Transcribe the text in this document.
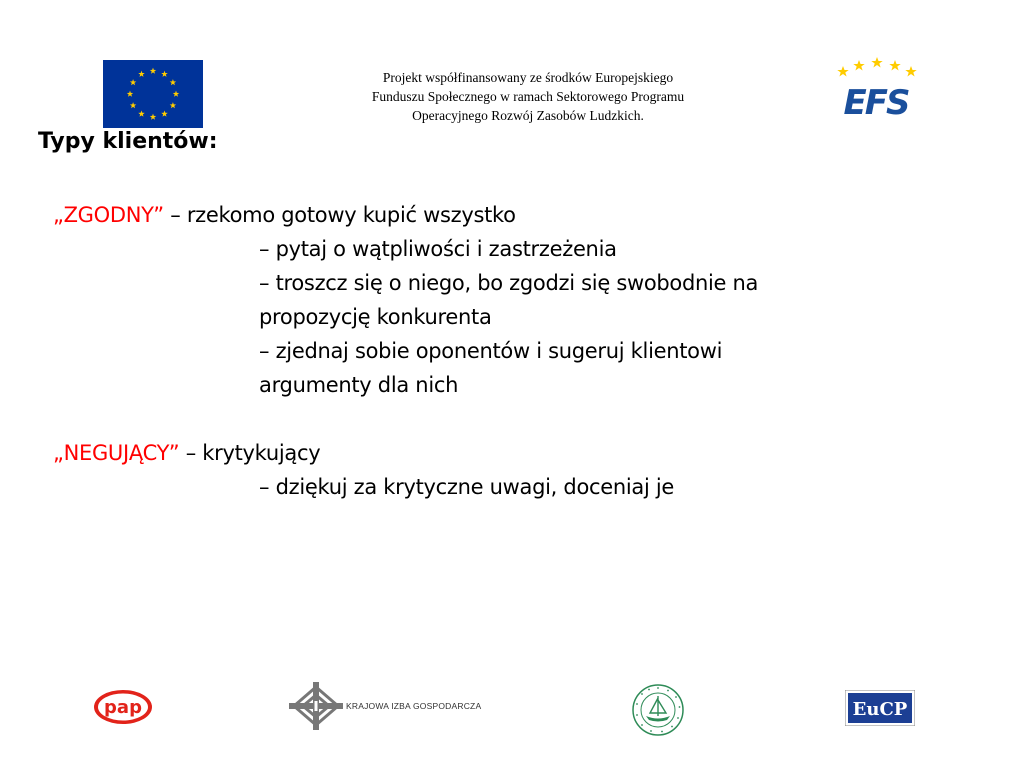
Projekt współfinansowany ze środków Europejskiego
Funduszu Społecznego w ramach Sektorowego Programu
Operacyjnego Rozwój Zasobów Ludzkich.	EFS
Typy klientów:
„ZGODNY” – rzekomo gotowy kupić wszystko
– pytaj o wątpliwości i zastrzeżenia
– troszcz się o niego, bo zgodzi się swobodnie na
propozycję konkurenta
– zjednaj sobie oponentów i sugeruj klientowi
argumenty dla nich
„NEGUJĄCY” – krytykujący
– dziękuj za krytyczne uwagi, doceniaj je
pap	KRAJOWA IZBA GOSPODARCZA	EuCP
